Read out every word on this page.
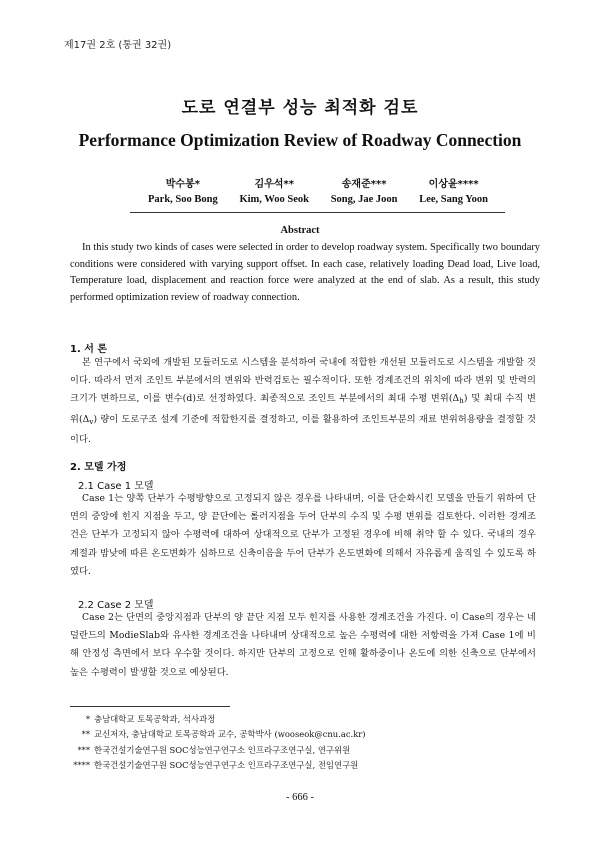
제17권 2호 (통권 32권)
도로 연결부 성능 최적화 검토
Performance Optimization Review of Roadway Connection
박수봉*
Park, Soo Bong
김우석**
Kim, Woo Seok
송재준***
Song, Jae Joon
이상윤****
Lee, Sang Yoon
Abstract
In this study two kinds of cases were selected in order to develop roadway system. Specifically two boundary conditions were considered with varying support offset. In each case, relatively loading Dead load, Live load, Temperature load, displacement and reaction force were analyzed at the end of slab. As a result, this study performed optimization review of roadway connection.
1. 서 론
본 연구에서 국외에 개발된 모듈러도로 시스템을 분석하여 국내에 적합한 개선된 모듈러도로 시스템을 개발할 것이다. 따라서 먼저 조인트 부분에서의 변위와 반력검토는 필수적이다. 또한 경계조건의 위치에 따라 변위 및 반력의 크기가 변하므로, 이를 변수(d)로 선정하였다. 최종적으로 조인트 부분에서의 최대 수평 변위$(\Delta_h)$ 및 최대 수직 변위$(\Delta_v)$ 량이 도로구조 설계 기준에 적합한지를 결정하고, 이를 활용하여 조인트부분의 재료 변위허용량을 결정할 것이다.
2. 모델 가정
2.1 Case 1 모델
Case 1는 양쪽 단부가 수평방향으로 고정되지 않은 경우를 나타내며, 이를 단순화시킨 모델을 만들기 위하여 단면의 중앙에 힌지 지점을 두고, 양 끝단에는 롤러지점을 두어 단부의 수직 및 수평 변위를 검토한다. 이러한 경계조건은 단부가 고정되지 않아 수평력에 대하여 상대적으로 단부가 고정된 경우에 비해 취약 할 수 있다. 국내의 경우 계절과 밤낮에 따른 온도변화가 심하므로 신축이음을 두어 단부가 온도변화에 의해서 자유롭게 움직일 수 있도록 하였다.
2.2 Case 2 모델
Case 2는 단면의 중앙지점과 단부의 양 끝단 지점 모두 힌지를 사용한 경계조건을 가진다. 이 Case의 경우는 네덜란드의 ModieSlab와 유사한 경계조건을 나타내며 상대적으로 높은 수평력에 대한 저항력을 가져 Case 1에 비해 안정성 측면에서 보다 우수할 것이다. 하지만 단부의 고정으로 인해 활하중이나 온도에 의한 신축으로 단부에서 높은 수평력이 발생할 것으로 예상된다.
* 충남대학교 토목공학과, 석사과정
** 교신저자, 충남대학교 토목공학과 교수, 공학박사 (wooseok@cnu.ac.kr)
*** 한국건설기술연구원 SOC성능연구연구소 인프라구조연구실, 연구위원
**** 한국건설기술연구원 SOC성능연구연구소 인프라구조연구실, 전임연구원
- 666 -
